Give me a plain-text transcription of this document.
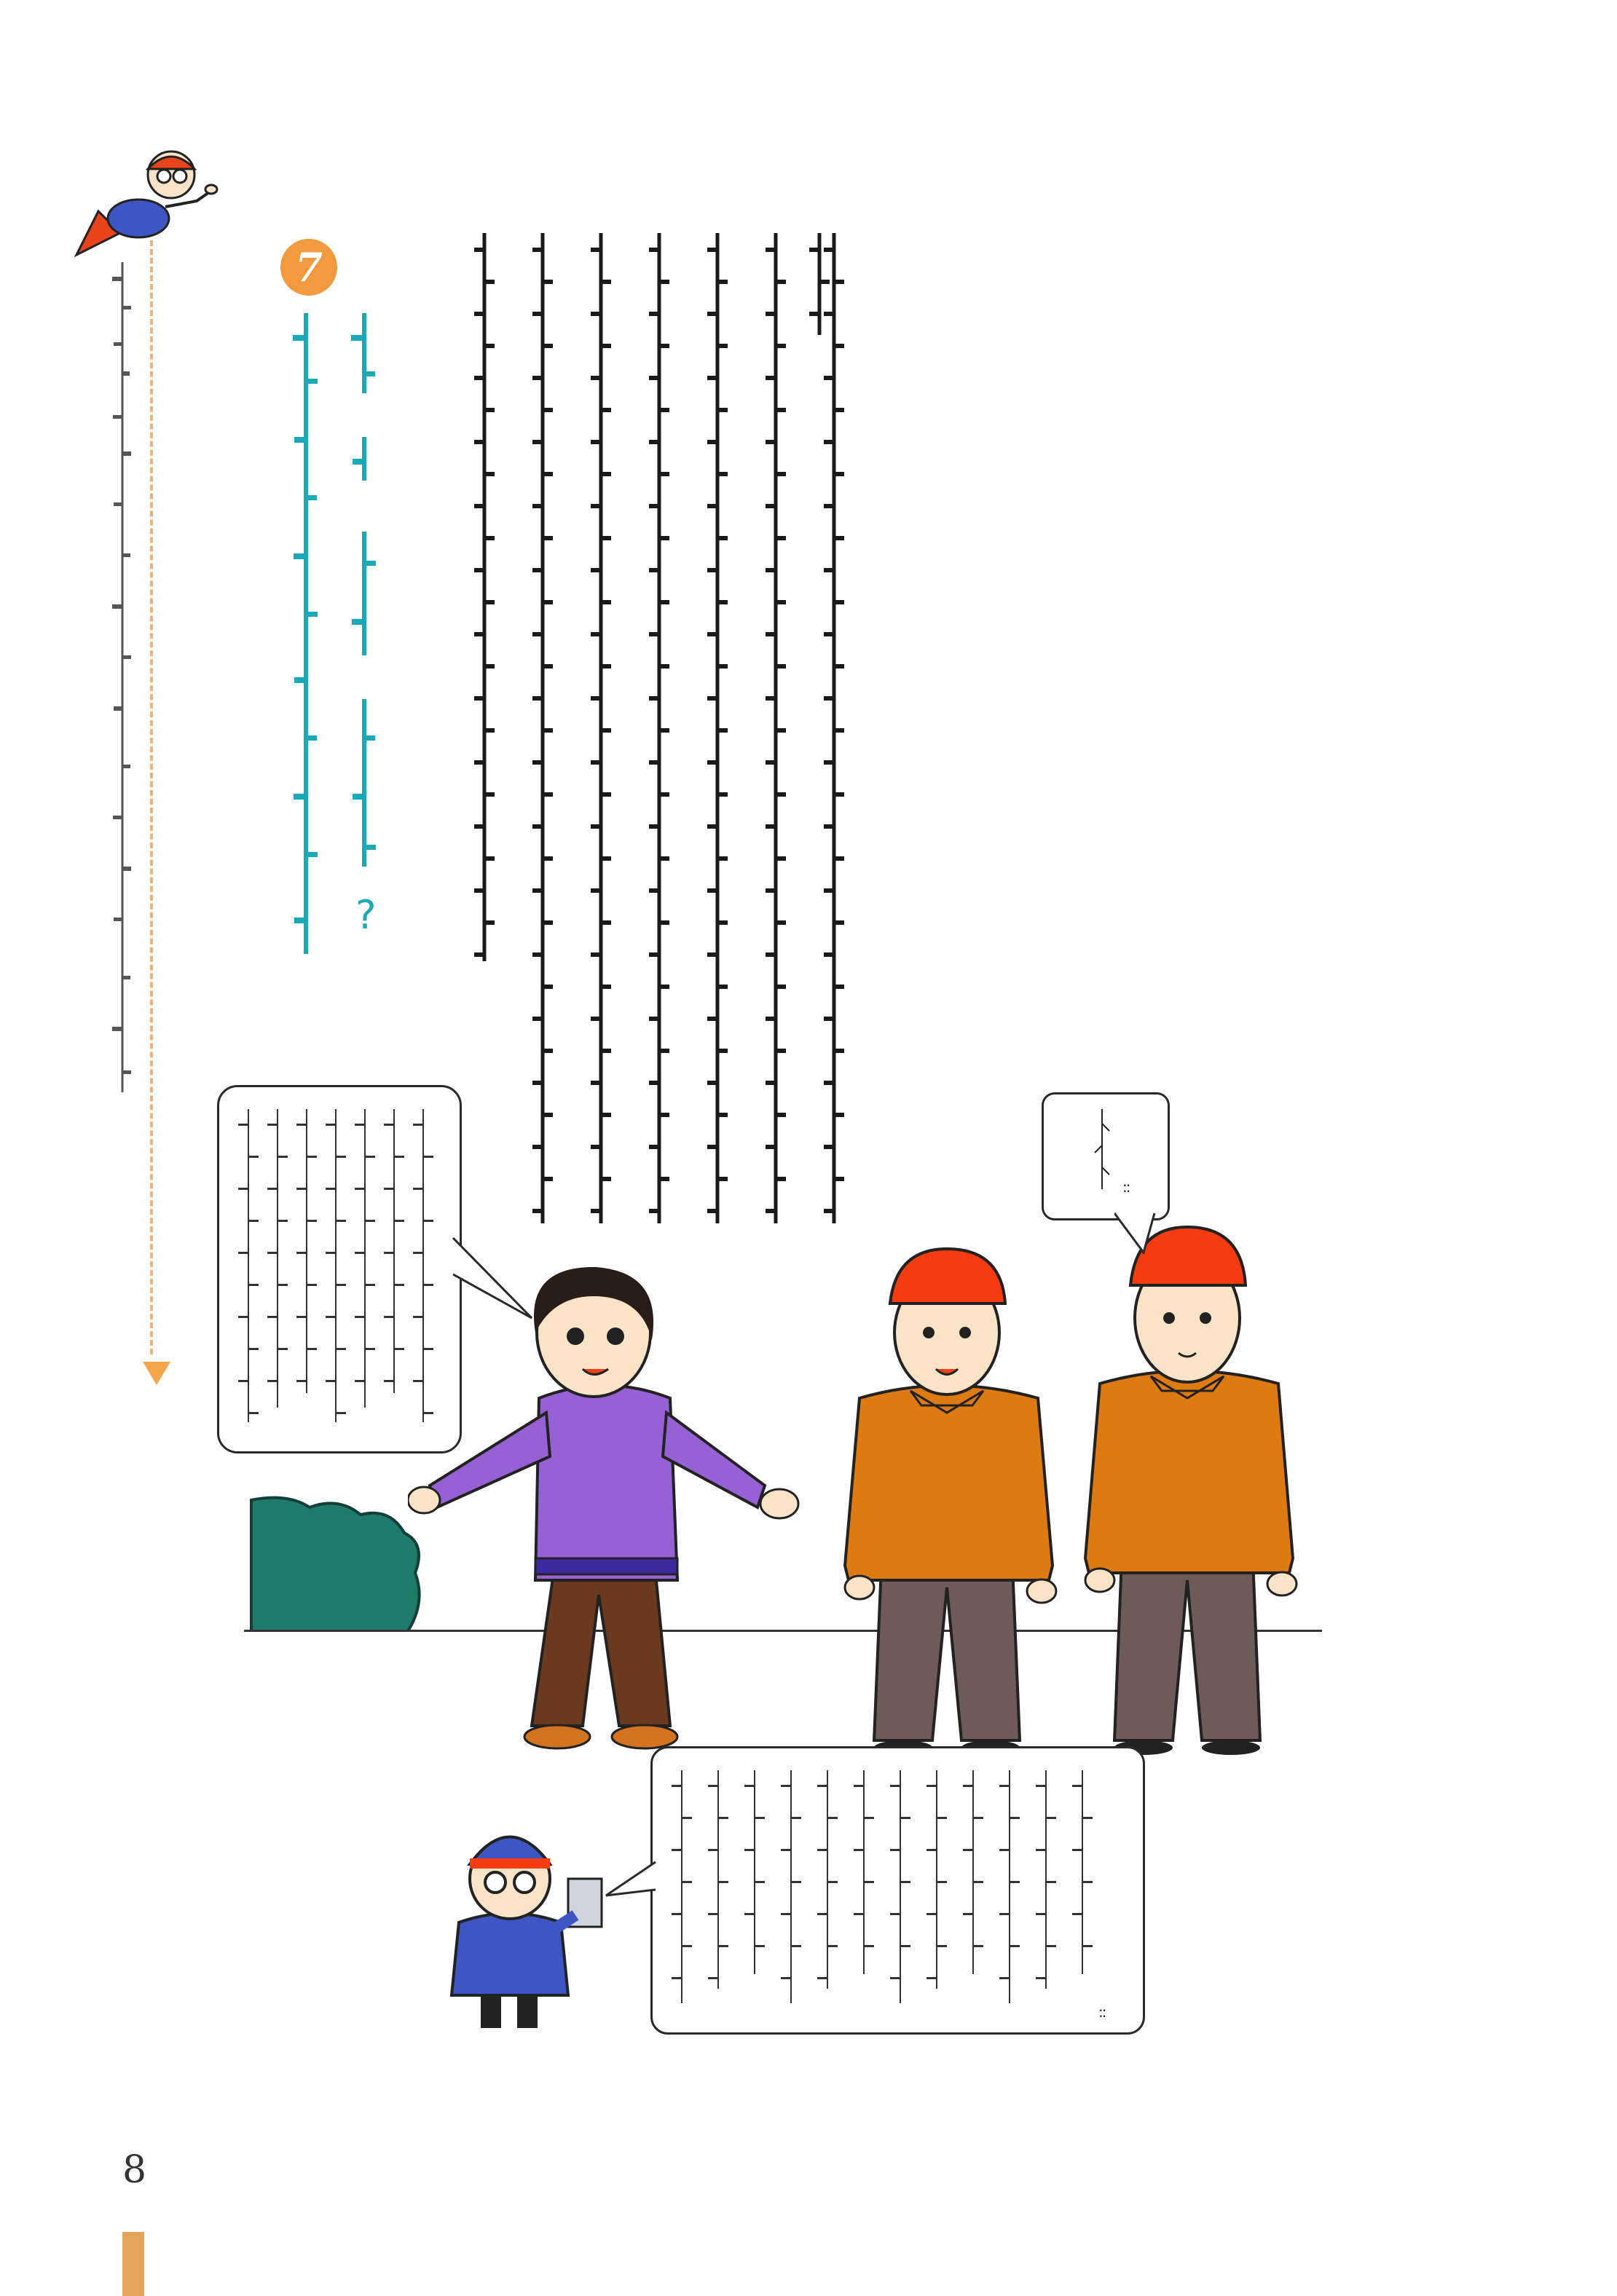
8
7
?
::
::
